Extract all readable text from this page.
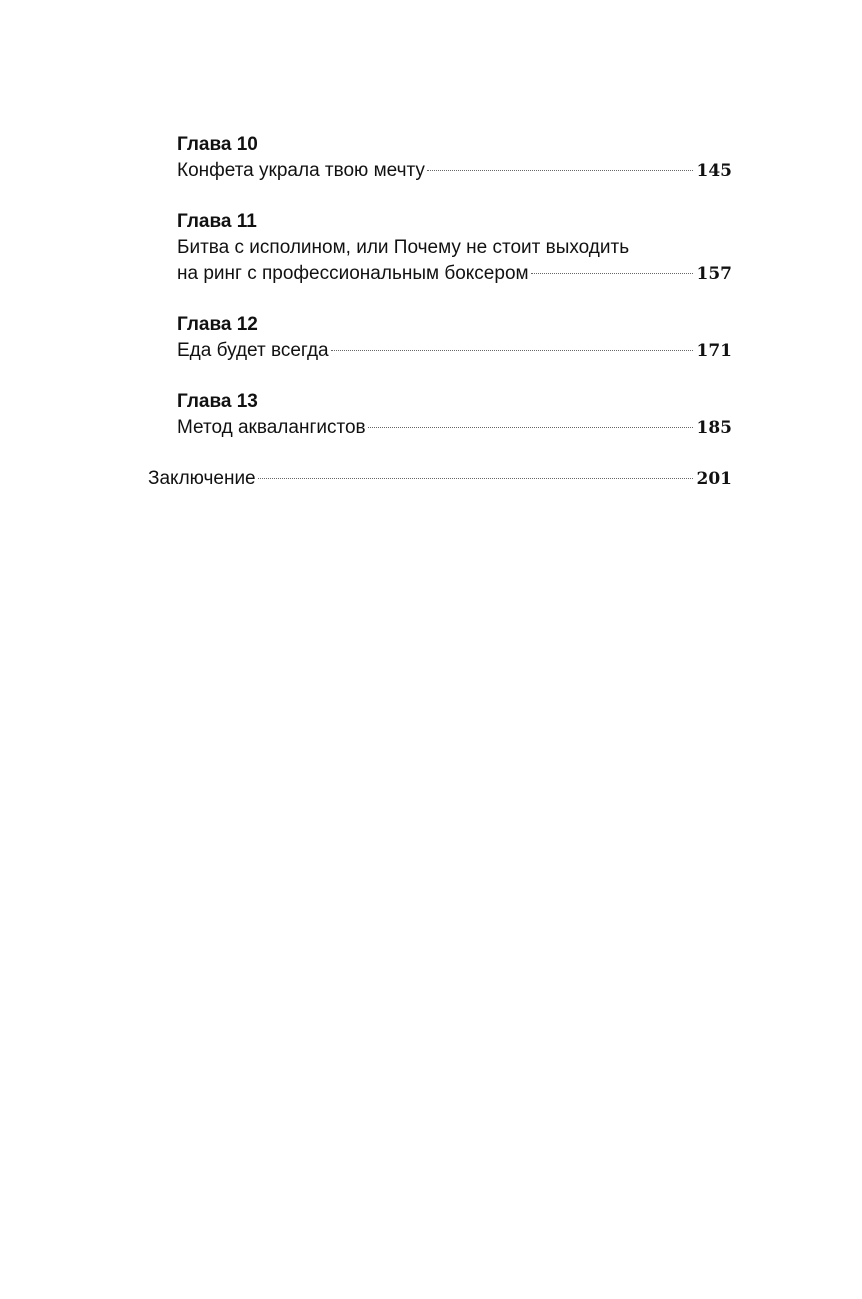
Глава 10
Конфета украла твою мечту	145
Глава 11
Битва с исполином, или Почему не стоит выходить
на ринг с профессиональным боксером	157
Глава 12
Еда будет всегда	171
Глава 13
Метод аквалангистов	185
Заключение	201
